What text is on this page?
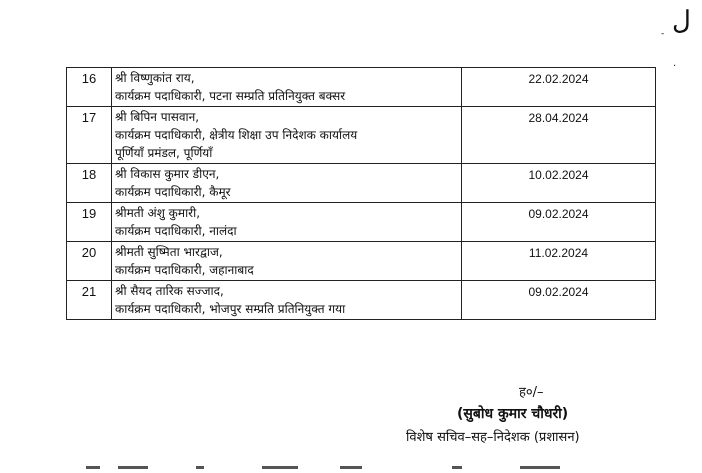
ل
-
·
16	श्री विष्णुकांत राय,
कार्यक्रम पदाधिकारी, पटना सम्प्रति प्रतिनियुक्त बक्सर	22.02.2024
17	श्री बिपिन पासवान,
कार्यक्रम पदाधिकारी, क्षेत्रीय शिक्षा उप निदेशक कार्यालय
पूर्णियाँ प्रमंडल, पूर्णियाँ	28.04.2024
18	श्री विकास कुमार डीएन,
कार्यक्रम पदाधिकारी, कैमूर	10.02.2024
19	श्रीमती अंशु कुमारी,
कार्यक्रम पदाधिकारी, नालंदा	09.02.2024
20	श्रीमती सुष्मिता भारद्वाज,
कार्यक्रम पदाधिकारी, जहानाबाद	11.02.2024
21	श्री सैयद तारिक सज्जाद,
कार्यक्रम पदाधिकारी, भोजपुर सम्प्रति प्रतिनियुक्त गया	09.02.2024
ह०/–
(सुबोध कुमार चौधरी)
विशेष सचिव–सह–निदेशक (प्रशासन)
